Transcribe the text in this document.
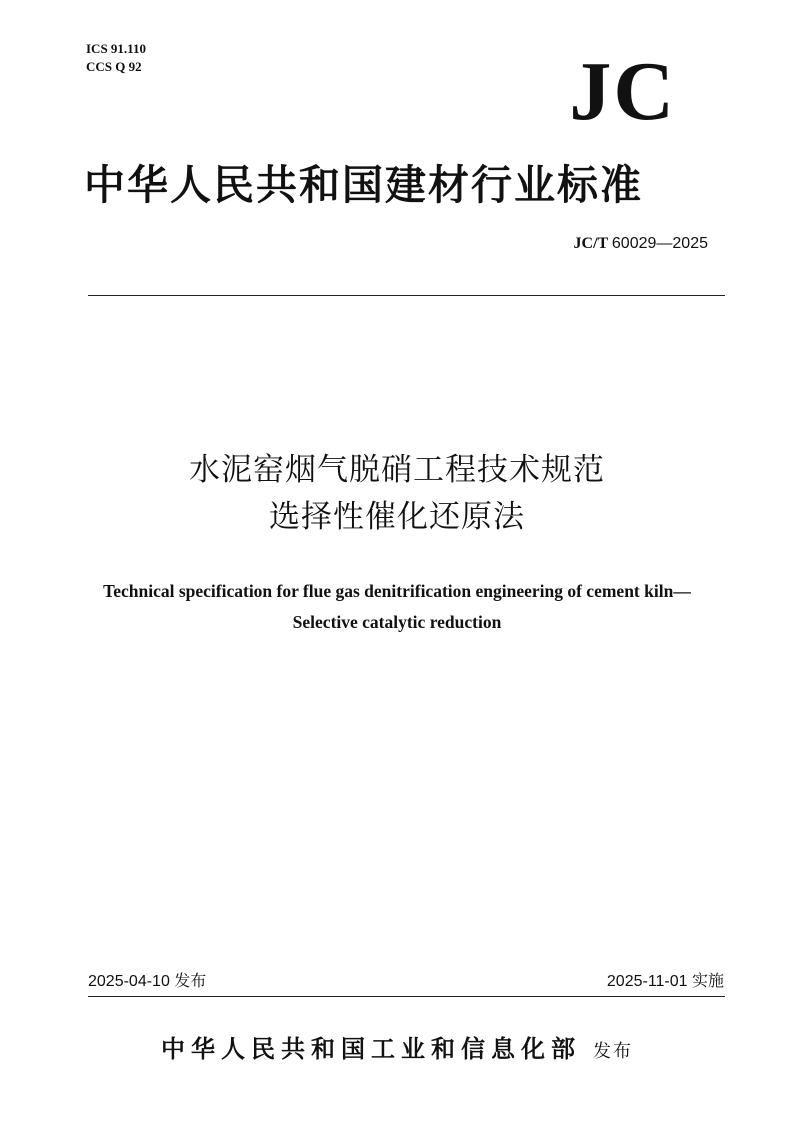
ICS 91.110
CCS Q 92	JC
中华人民共和国建材行业标准
JC/T 60029—2025
水泥窑烟气脱硝工程技术规范
选择性催化还原法
Technical specification for flue gas denitrification engineering of cement kiln—
Selective catalytic reduction
2025-04-10 发布	2025-11-01 实施
中华人民共和国工业和信息化部 发布
